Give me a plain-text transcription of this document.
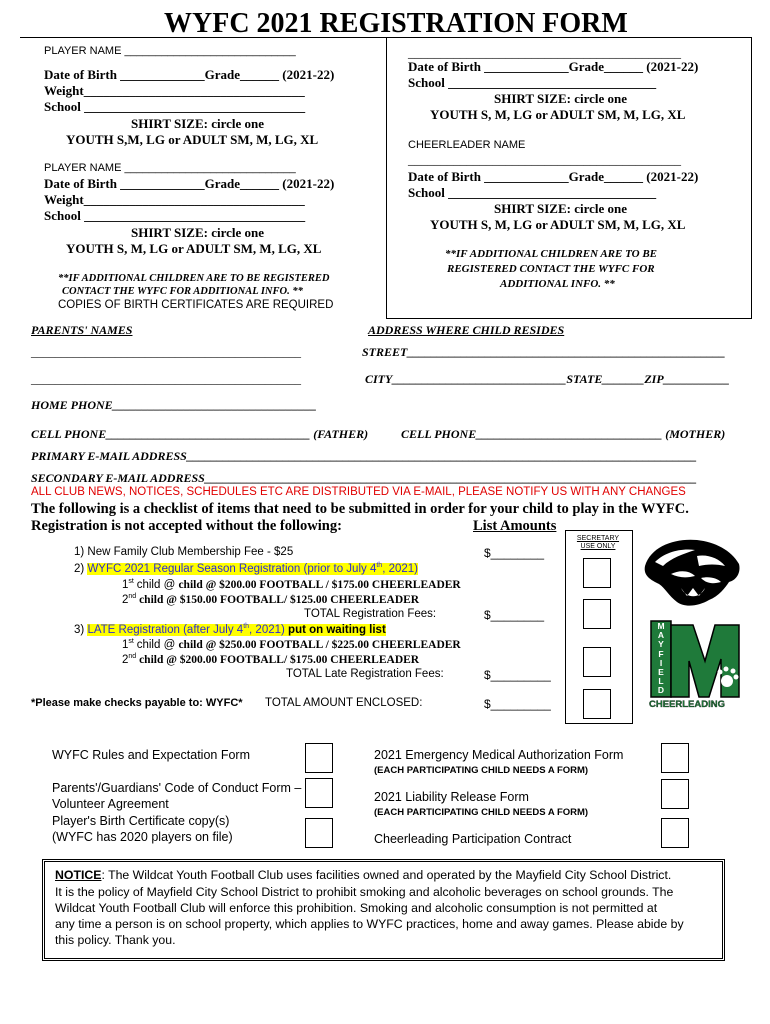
WYFC 2021 REGISTRATION FORM
PLAYER NAME ____________________________
Date of Birth _____________Grade______ (2021-22)
Weight__________________________________
School __________________________________
SHIRT SIZE: circle one
YOUTH S,M, LG or ADULT SM, M, LG, XL
PLAYER NAME ____________________________
Date of Birth _____________Grade______ (2021-22)
Weight__________________________________
School __________________________________
SHIRT SIZE: circle one
YOUTH S, M, LG or ADULT SM, M, LG, XL
**IF ADDITIONAL CHILDREN ARE TO BE REGISTERED
CONTACT THE WYFC FOR ADDITIONAL INFO. **
COPIES OF BIRTH CERTIFICATES ARE REQUIRED
__________________________________________
Date of Birth _____________Grade______ (2021-22)
School ________________________________
SHIRT SIZE: circle one
YOUTH S, M, LG or ADULT SM, M, LG, XL
CHEERLEADER NAME
__________________________________________
Date of Birth _____________Grade______ (2021-22)
School ________________________________
SHIRT SIZE: circle one
YOUTH S, M, LG or ADULT SM, M, LG, XL
**IF ADDITIONAL CHILDREN ARE TO BE
REGISTERED CONTACT THE WYFC FOR
ADDITIONAL INFO. **
PARENTS' NAMES	ADDRESS WHERE CHILD RESIDES
_____________________________________________	STREET_____________________________________________________
_____________________________________________	CITY_____________________________STATE_______ZIP___________
HOME PHONE__________________________________
CELL PHONE__________________________________ (FATHER)	CELL PHONE_______________________________ (MOTHER)
PRIMARY E-MAIL ADDRESS_____________________________________________________________________________________
SECONDARY E-MAIL ADDRESS__________________________________________________________________________________
ALL CLUB NEWS, NOTICES, SCHEDULES ETC ARE DISTRIBUTED VIA E-MAIL, PLEASE NOTIFY US WITH ANY CHANGES
The following is a checklist of items that need to be submitted in order for your child to play in the WYFC.
Registration is not accepted without the following:	List Amounts
SECRETARY USE ONLY
1) New Family Club Membership Fee - $25	$________
2) WYFC 2021 Regular Season Registration (prior to July 4th, 2021)
1st child @ child @ $200.00 FOOTBALL / $175.00 CHEERLEADER
2nd child @ $150.00 FOOTBALL/ $125.00 CHEERLEADER
TOTAL Registration Fees:	$________
3) LATE Registration (after July 4th, 2021) put on waiting list
1st child @ child @ $250.00 FOOTBALL / $225.00 CHEERLEADER
2nd child @ $200.00 FOOTBALL/ $175.00 CHEERLEADER
TOTAL Late Registration Fees:	$_________
*Please make checks payable to: WYFC* TOTAL AMOUNT ENCLOSED:	$_________
M
A
Y
F
I
E
L
D
CHEERLEADING
WYFC Rules and Expectation Form	2021 Emergency Medical Authorization Form
(EACH PARTICIPATING CHILD NEEDS A FORM)
Parents'/Guardians' Code of Conduct Form –
Volunteer Agreement	2021 Liability Release Form
(EACH PARTICIPATING CHILD NEEDS A FORM)
Player's Birth Certificate copy(s)
(WYFC has 2020 players on file)	Cheerleading Participation Contract
NOTICE: The Wildcat Youth Football Club uses facilities owned and operated by the Mayfield City School District.
It is the policy of Mayfield City School District to prohibit smoking and alcoholic beverages on school grounds. The
Wildcat Youth Football Club will enforce this prohibition. Smoking and alcoholic consumption is not permitted at
any time a person is on school property, which applies to WYFC practices, home and away games. Please abide by
this policy. Thank you.
